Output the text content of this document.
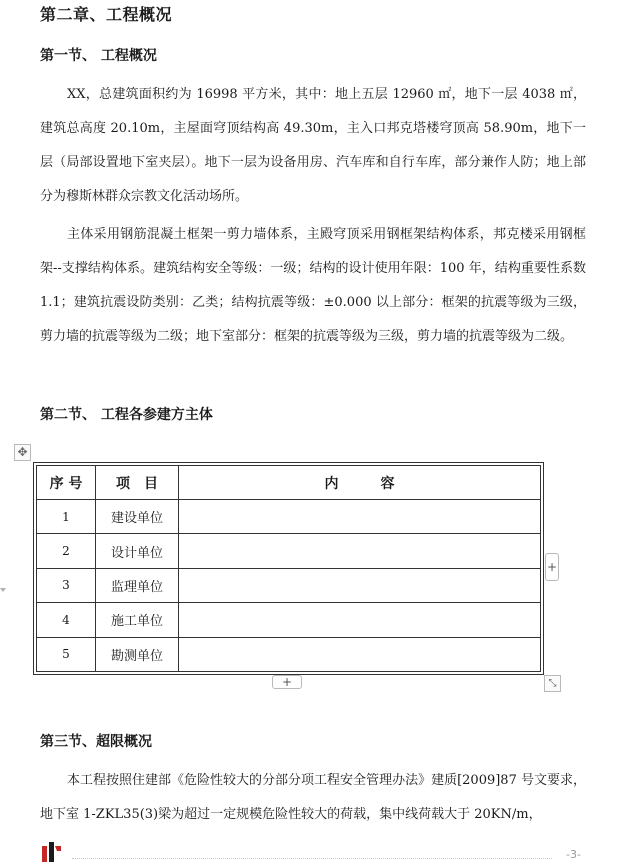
第二章、工程概况
第一节、 工程概况

XX，总建筑面积约为 16998 平方米，其中：地上五层 12960 ㎡，地下一层 4038 ㎡，建筑总高度 20.10m，主屋面穹顶结构高 49.30m，主入口邦克塔楼穹顶高 58.90m，地下一层（局部设置地下室夹层）。地下一层为设备用房、汽车库和自行车库，部分兼作人防；地上部分为穆斯林群众宗教文化活动场所。

主体采用钢筋混凝土框架一剪力墙体系，主殿穹顶采用钢框架结构体系，邦克楼采用钢框架--支撑结构体系。建筑结构安全等级：一级；结构的设计使用年限：100 年，结构重要性系数 1.1；建筑抗震设防类别：乙类；结构抗震等级：±0.000 以上部分：框架的抗震等级为三级，剪力墙的抗震等级为二级；地下室部分：框架的抗震等级为三级，剪力墙的抗震等级为二级。

第二节、 工程各参建方主体
✥
序 号	项　目	内　　　容
1	建设单位	
2	设计单位	
3	监理单位	
4	施工单位	
5	勘测单位	
+
+	⤡
第三节、超限概况

本工程按照住建部《危险性较大的分部分项工程安全管理办法》建质[2009]87 号文要求，地下室 1-ZKL35(3)梁为超过一定规模危险性较大的荷载，集中线荷载大于 20KN/m，

-3-
